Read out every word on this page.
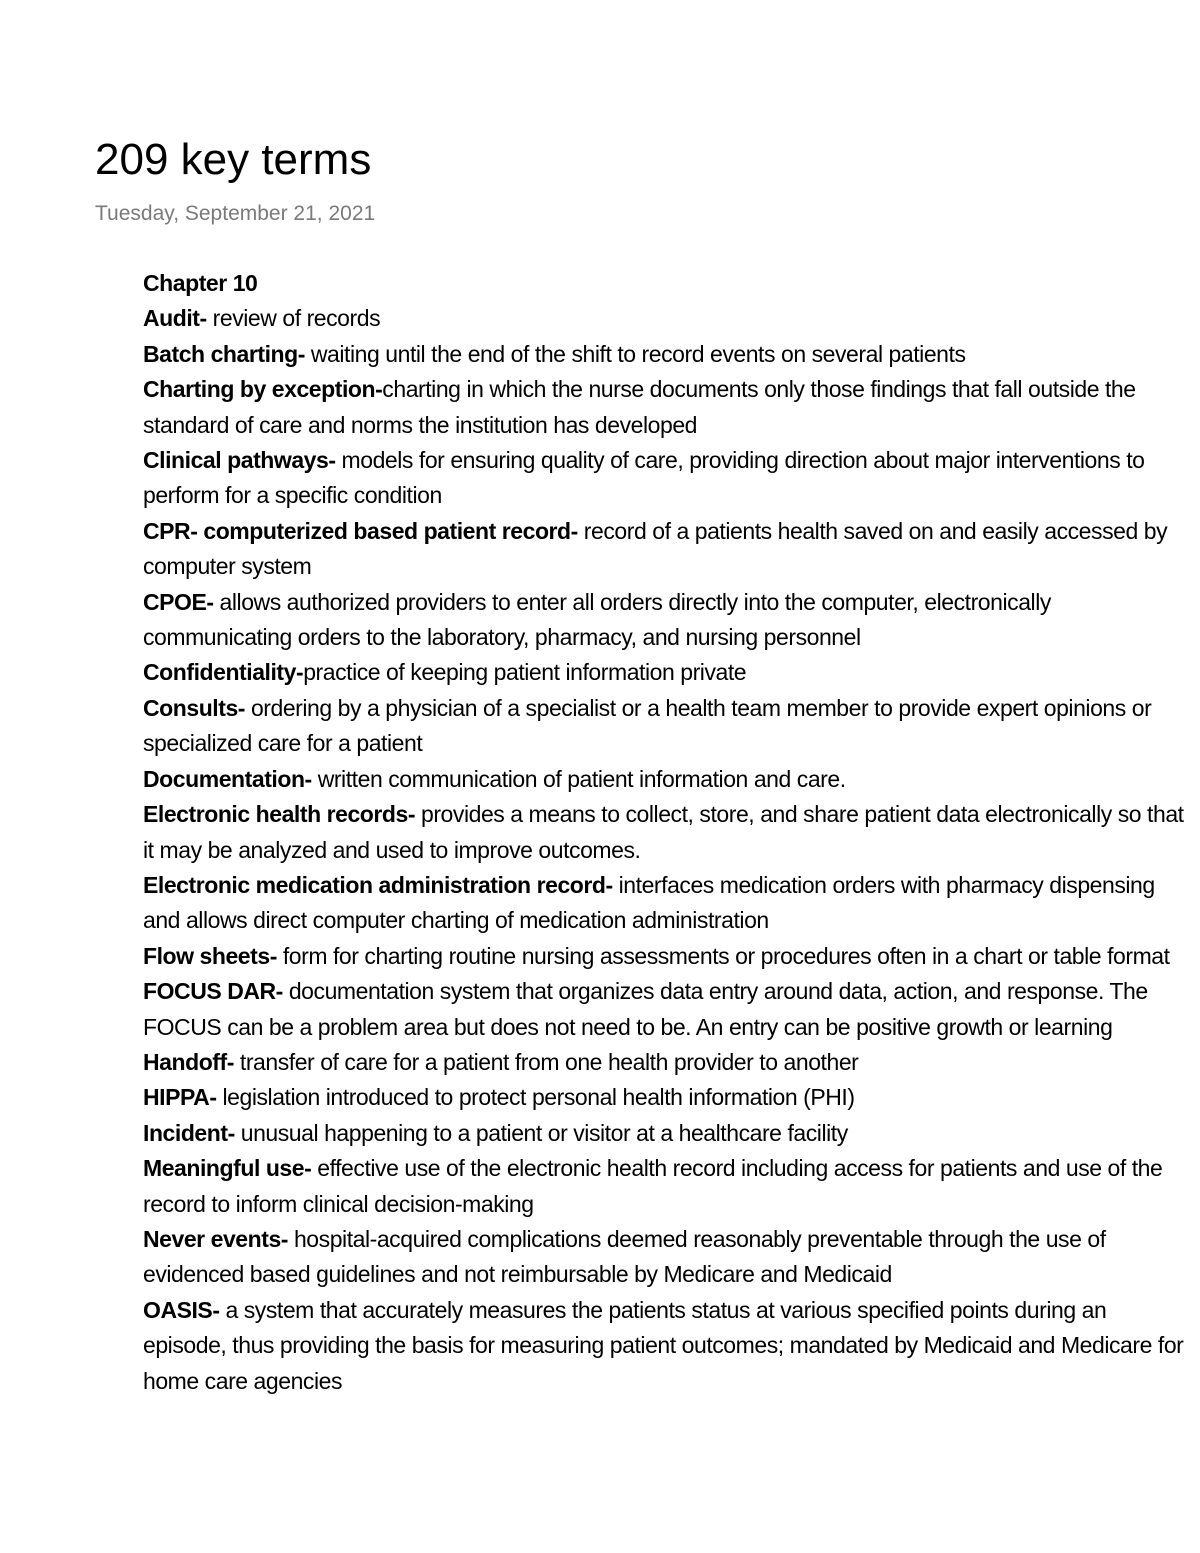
209 key terms
Tuesday, September 21, 2021
Chapter 10
Audit- review of records
Batch charting- waiting until the end of the shift to record events on several patients
Charting by exception-charting in which the nurse documents only those findings that fall outside the standard of care and norms the institution has developed
Clinical pathways- models for ensuring quality of care, providing direction about major interventions to perform for a specific condition
CPR- computerized based patient record- record of a patients health saved on and easily accessed by computer system
CPOE- allows authorized providers to enter all orders directly into the computer, electronically communicating orders to the laboratory, pharmacy, and nursing personnel
Confidentiality-practice of keeping patient information private
Consults- ordering by a physician of a specialist or a health team member to provide expert opinions or specialized care for a patient
Documentation- written communication of patient information and care.
Electronic health records- provides a means to collect, store, and share patient data electronically so that it may be analyzed and used to improve outcomes.
Electronic medication administration record- interfaces medication orders with pharmacy dispensing and allows direct computer charting of medication administration
Flow sheets- form for charting routine nursing assessments or procedures often in a chart or table format
FOCUS DAR- documentation system that organizes data entry around data, action, and response. The FOCUS can be a problem area but does not need to be. An entry can be positive growth or learning
Handoff- transfer of care for a patient from one health provider to another
HIPPA- legislation introduced to protect personal health information (PHI)
Incident- unusual happening to a patient or visitor at a healthcare facility
Meaningful use- effective use of the electronic health record including access for patients and use of the record to inform clinical decision-making
Never events- hospital-acquired complications deemed reasonably preventable through the use of evidenced based guidelines and not reimbursable by Medicare and Medicaid
OASIS- a system that accurately measures the patients status at various specified points during an episode, thus providing the basis for measuring patient outcomes; mandated by Medicaid and Medicare for home care agencies
